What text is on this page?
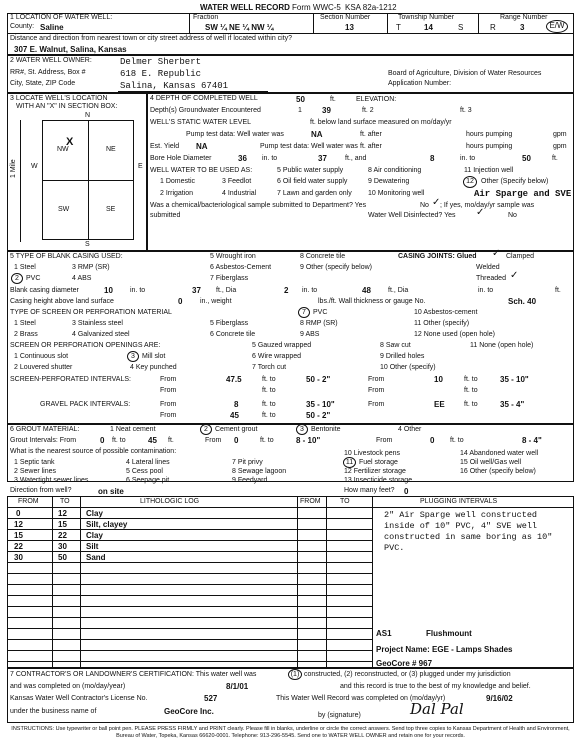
WATER WELL RECORD Form WWC-5 KSA 82a-1212
1 LOCATION OF WATER WELL:
County: Saline
Fraction
SW ¼ NE ¼ NW ¼
Section Number
13
Township Number
T	14	S
Range Number
R	3	E/W
Distance and direction from nearest town or city street address of well if located within city?
307 E. Walnut, Salina, Kansas
2 WATER WELL OWNER:	Delmer Sherbert
RR#, St. Address, Box #	618 E. Republic
City, State, ZIP Code	Salina, Kansas 67401
Board of Agriculture, Division of Water Resources
Application Number:
3 LOCATE WELL'S LOCATION
WITH AN "X" IN SECTION BOX:
N
S
W	E
1 Mile
NW
X
NE
SW	SE
4 DEPTH OF COMPLETED WELL	50	ft.	ELEVATION:
Depth(s) Groundwater Encountered	1	39	ft. 2	ft. 3
WELL'S STATIC WATER LEVEL	ft. below land surface measured on mo/day/yr
Pump test data: Well water was	NA	ft. after	hours pumping	gpm
Est. Yield NA	Pump test data: Well water was ft. after	hours pumping	gpm
Bore Hole Diameter	36 in. to	37	ft., and	8	in. to	50	ft.
WELL WATER TO BE USED AS:
1 Domestic
2 Irrigation
3 Feedlot
4 Industrial
5 Public water supply
6 Oil field water supply
7 Lawn and garden only
8 Air conditioning
9 Dewatering
10 Monitoring well
11 Injection well
12	Other (Specify below)
Air Sparge and SVE
Was a chemical/bacteriological sample submitted to Department? Yes	No ✓ ; If yes, mo/day/yr sample was
submitted	Water Well Disinfected? Yes ✓	No
5 TYPE OF BLANK CASING USED:
1 Steel
2	PVC
3 RMP (SR)
4 ABS
5 Wrought iron
6 Asbestos-Cement
7 Fiberglass
8 Concrete tile
9 Other (specify below)
CASING JOINTS: Glued ✓ Clamped
Welded
Threaded ✓
Blank casing diameter	10 in. to	37 ft., Dia	2 in. to	48 ft., Dia	in. to	ft.
Casing height above land surface	0	in., weight	lbs./ft. Wall thickness or gauge No.	Sch. 40
TYPE OF SCREEN OR PERFORATION MATERIAL
1 Steel
2 Brass
3 Stainless steel
4 Galvanized steel
5 Fiberglass
6 Concrete tile
7	PVC
8 RMP (SR)
9 ABS
10 Asbestos-cement
11 Other (specify)
12 None used (open hole)
SCREEN OR PERFORATION OPENINGS ARE:
1 Continuous slot
2 Louvered shutter
3	Mill slot
4 Key punched
5 Gauzed wrapped
6 Wire wrapped
7 Torch cut
8 Saw cut
9 Drilled holes
10 Other (specify)
11 None (open hole)
SCREEN-PERFORATED INTERVALS:	From	47.5	ft. to	50 - 2"	From	10	ft. to	35 - 10"
From	ft. to	From	ft. to
GRAVEL PACK INTERVALS:	From	8	ft. to	35 - 10"	From	EE	ft. to	35 - 4"
From	45	ft. to	50 - 2"
6 GROUT MATERIAL:	1 Neat cement	2	Cement grout	3	Bentonite	4 Other
Grout Intervals: From	0 ft. to	45 ft.	From 0	ft. to	8 - 10"	From	0 ft. to	8 - 4"
What is the nearest source of possible contamination:
1 Septic tank
2 Sewer lines
3 Watertight sewer lines
4 Lateral lines
5 Cess pool
6 Seepage pit
7 Pit privy
8 Sewage lagoon
9 Feedyard
10 Livestock pens
11 Fuel storage
12 Fertilizer storage
13 Insecticide storage
14 Abandoned water well
15 Oil well/Gas well
16 Other (specify below)
Direction from well?	on site	How many feet? 0
FROM	TO	LITHOLOGIC LOG	FROM	TO	PLUGGING INTERVALS
0	12 Clay
12	15 Silt, clayey
15	22 Clay
22	30 Silt
30	50 Sand
2" Air Sparge well constructed inside of 10" PVC, 4" SVE well constructed in same boring as 10" PVC.
AS1	Flushmount
Project Name: EGE - Lamps Shades
GeoCore # 967
7 CONTRACTOR'S OR LANDOWNER'S CERTIFICATION: This water well was	(1) constructed, (2) reconstructed, or (3) plugged under my jurisdiction
and was completed on (mo/day/year)	8/1/01	and this record is true to the best of my knowledge and belief.
Kansas Water Well Contractor's License No.	527	This Water Well Record was completed on (mo/day/yr)	9/16/02
under the business name of	GeoCore Inc.	by (signature)	Dal Pal
INSTRUCTIONS: Use typewriter or ball point pen. PLEASE PRESS FIRMLY and PRINT clearly. Please fill in blanks, underline or circle the correct answers. Send top three copies to Kansas Department of Health and Environment, Bureau of Water, Topeka, Kansas 66620-0001. Telephone: 913-296-5545. Send one to WATER WELL OWNER and retain one for your records.
